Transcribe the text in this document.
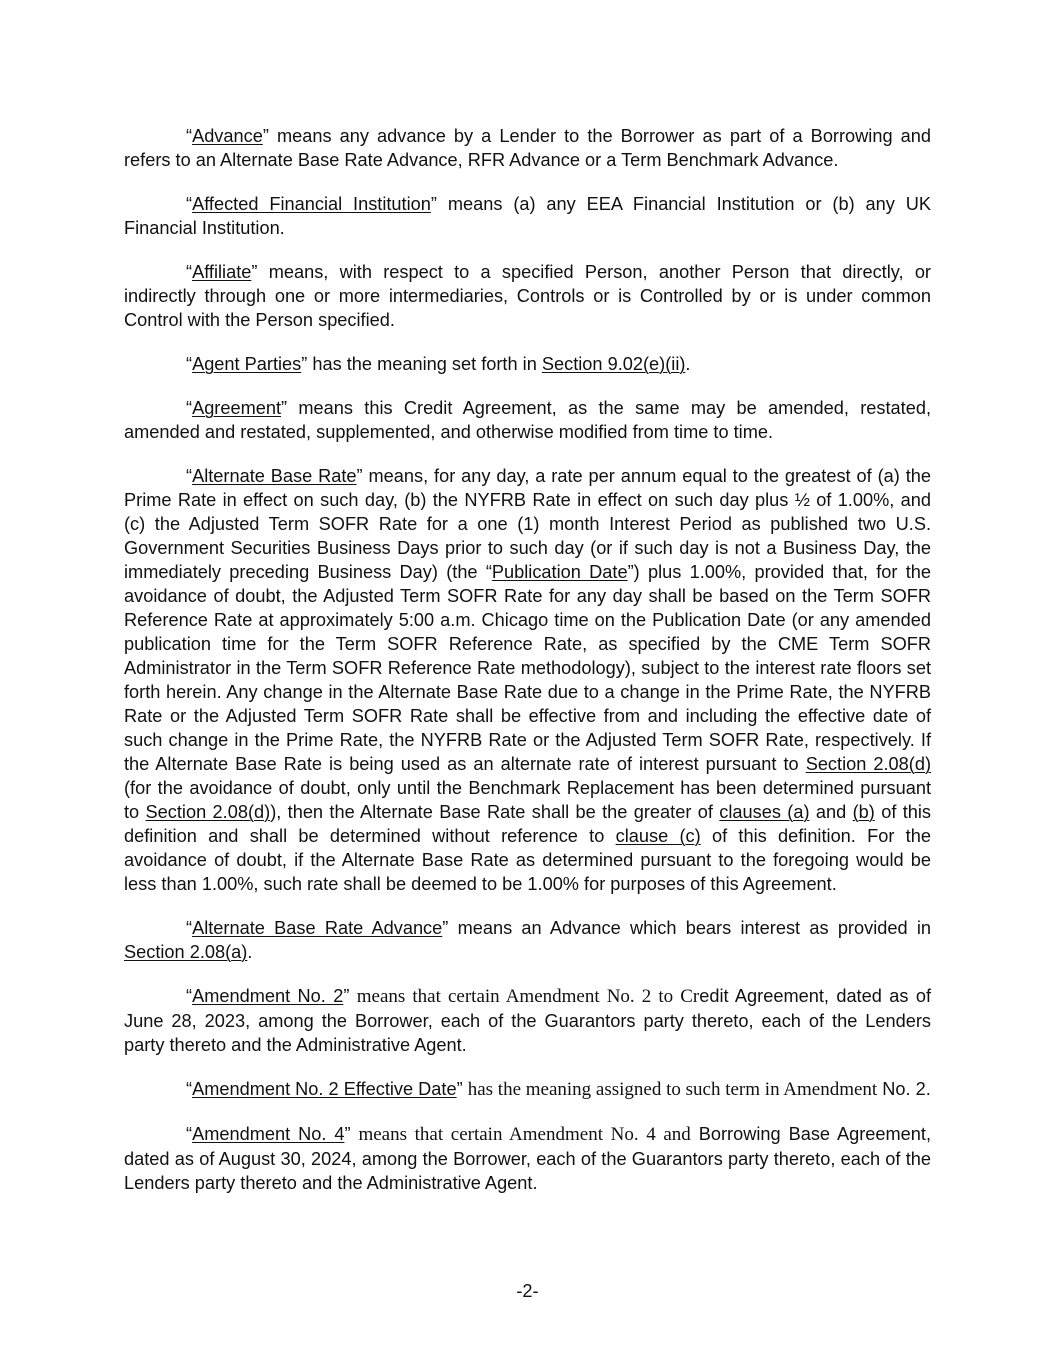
“Advance” means any advance by a Lender to the Borrower as part of a Borrowing and refers to an Alternate Base Rate Advance, RFR Advance or a Term Benchmark Advance.

“Affected Financial Institution” means (a) any EEA Financial Institution or (b) any UK Financial Institution.

“Affiliate” means, with respect to a specified Person, another Person that directly, or indirectly through one or more intermediaries, Controls or is Controlled by or is under common Control with the Person specified.

“Agent Parties” has the meaning set forth in Section 9.02(e)(ii).

“Agreement” means this Credit Agreement, as the same may be amended, restated, amended and restated, supplemented, and otherwise modified from time to time.

“Alternate Base Rate” means, for any day, a rate per annum equal to the greatest of (a) the Prime Rate in effect on such day, (b) the NYFRB Rate in effect on such day plus ½ of 1.00%, and (c) the Adjusted Term SOFR Rate for a one (1) month Interest Period as published two U.S. Government Securities Business Days prior to such day (or if such day is not a Business Day, the immediately preceding Business Day) (the “Publication Date”) plus 1.00%, provided that, for the avoidance of doubt, the Adjusted Term SOFR Rate for any day shall be based on the Term SOFR Reference Rate at approximately 5:00 a.m. Chicago time on the Publication Date (or any amended publication time for the Term SOFR Reference Rate, as specified by the CME Term SOFR Administrator in the Term SOFR Reference Rate methodology), subject to the interest rate floors set forth herein. Any change in the Alternate Base Rate due to a change in the Prime Rate, the NYFRB Rate or the Adjusted Term SOFR Rate shall be effective from and including the effective date of such change in the Prime Rate, the NYFRB Rate or the Adjusted Term SOFR Rate, respectively. If the Alternate Base Rate is being used as an alternate rate of interest pursuant to Section 2.08(d) (for the avoidance of doubt, only until the Benchmark Replacement has been determined pursuant to Section 2.08(d)), then the Alternate Base Rate shall be the greater of clauses (a) and (b) of this definition and shall be determined without reference to clause (c) of this definition. For the avoidance of doubt, if the Alternate Base Rate as determined pursuant to the foregoing would be less than 1.00%, such rate shall be deemed to be 1.00% for purposes of this Agreement.

“Alternate Base Rate Advance” means an Advance which bears interest as provided in Section 2.08(a).

“Amendment No. 2” means that certain Amendment No. 2 to Credit Agreement, dated as of June 28, 2023, among the Borrower, each of the Guarantors party thereto, each of the Lenders party thereto and the Administrative Agent.

“Amendment No. 2 Effective Date” has the meaning assigned to such term in Amendment No. 2.

“Amendment No. 4” means that certain Amendment No. 4 and Borrowing Base Agreement, dated as of August 30, 2024, among the Borrower, each of the Guarantors party thereto, each of the Lenders party thereto and the Administrative Agent.

-2-
